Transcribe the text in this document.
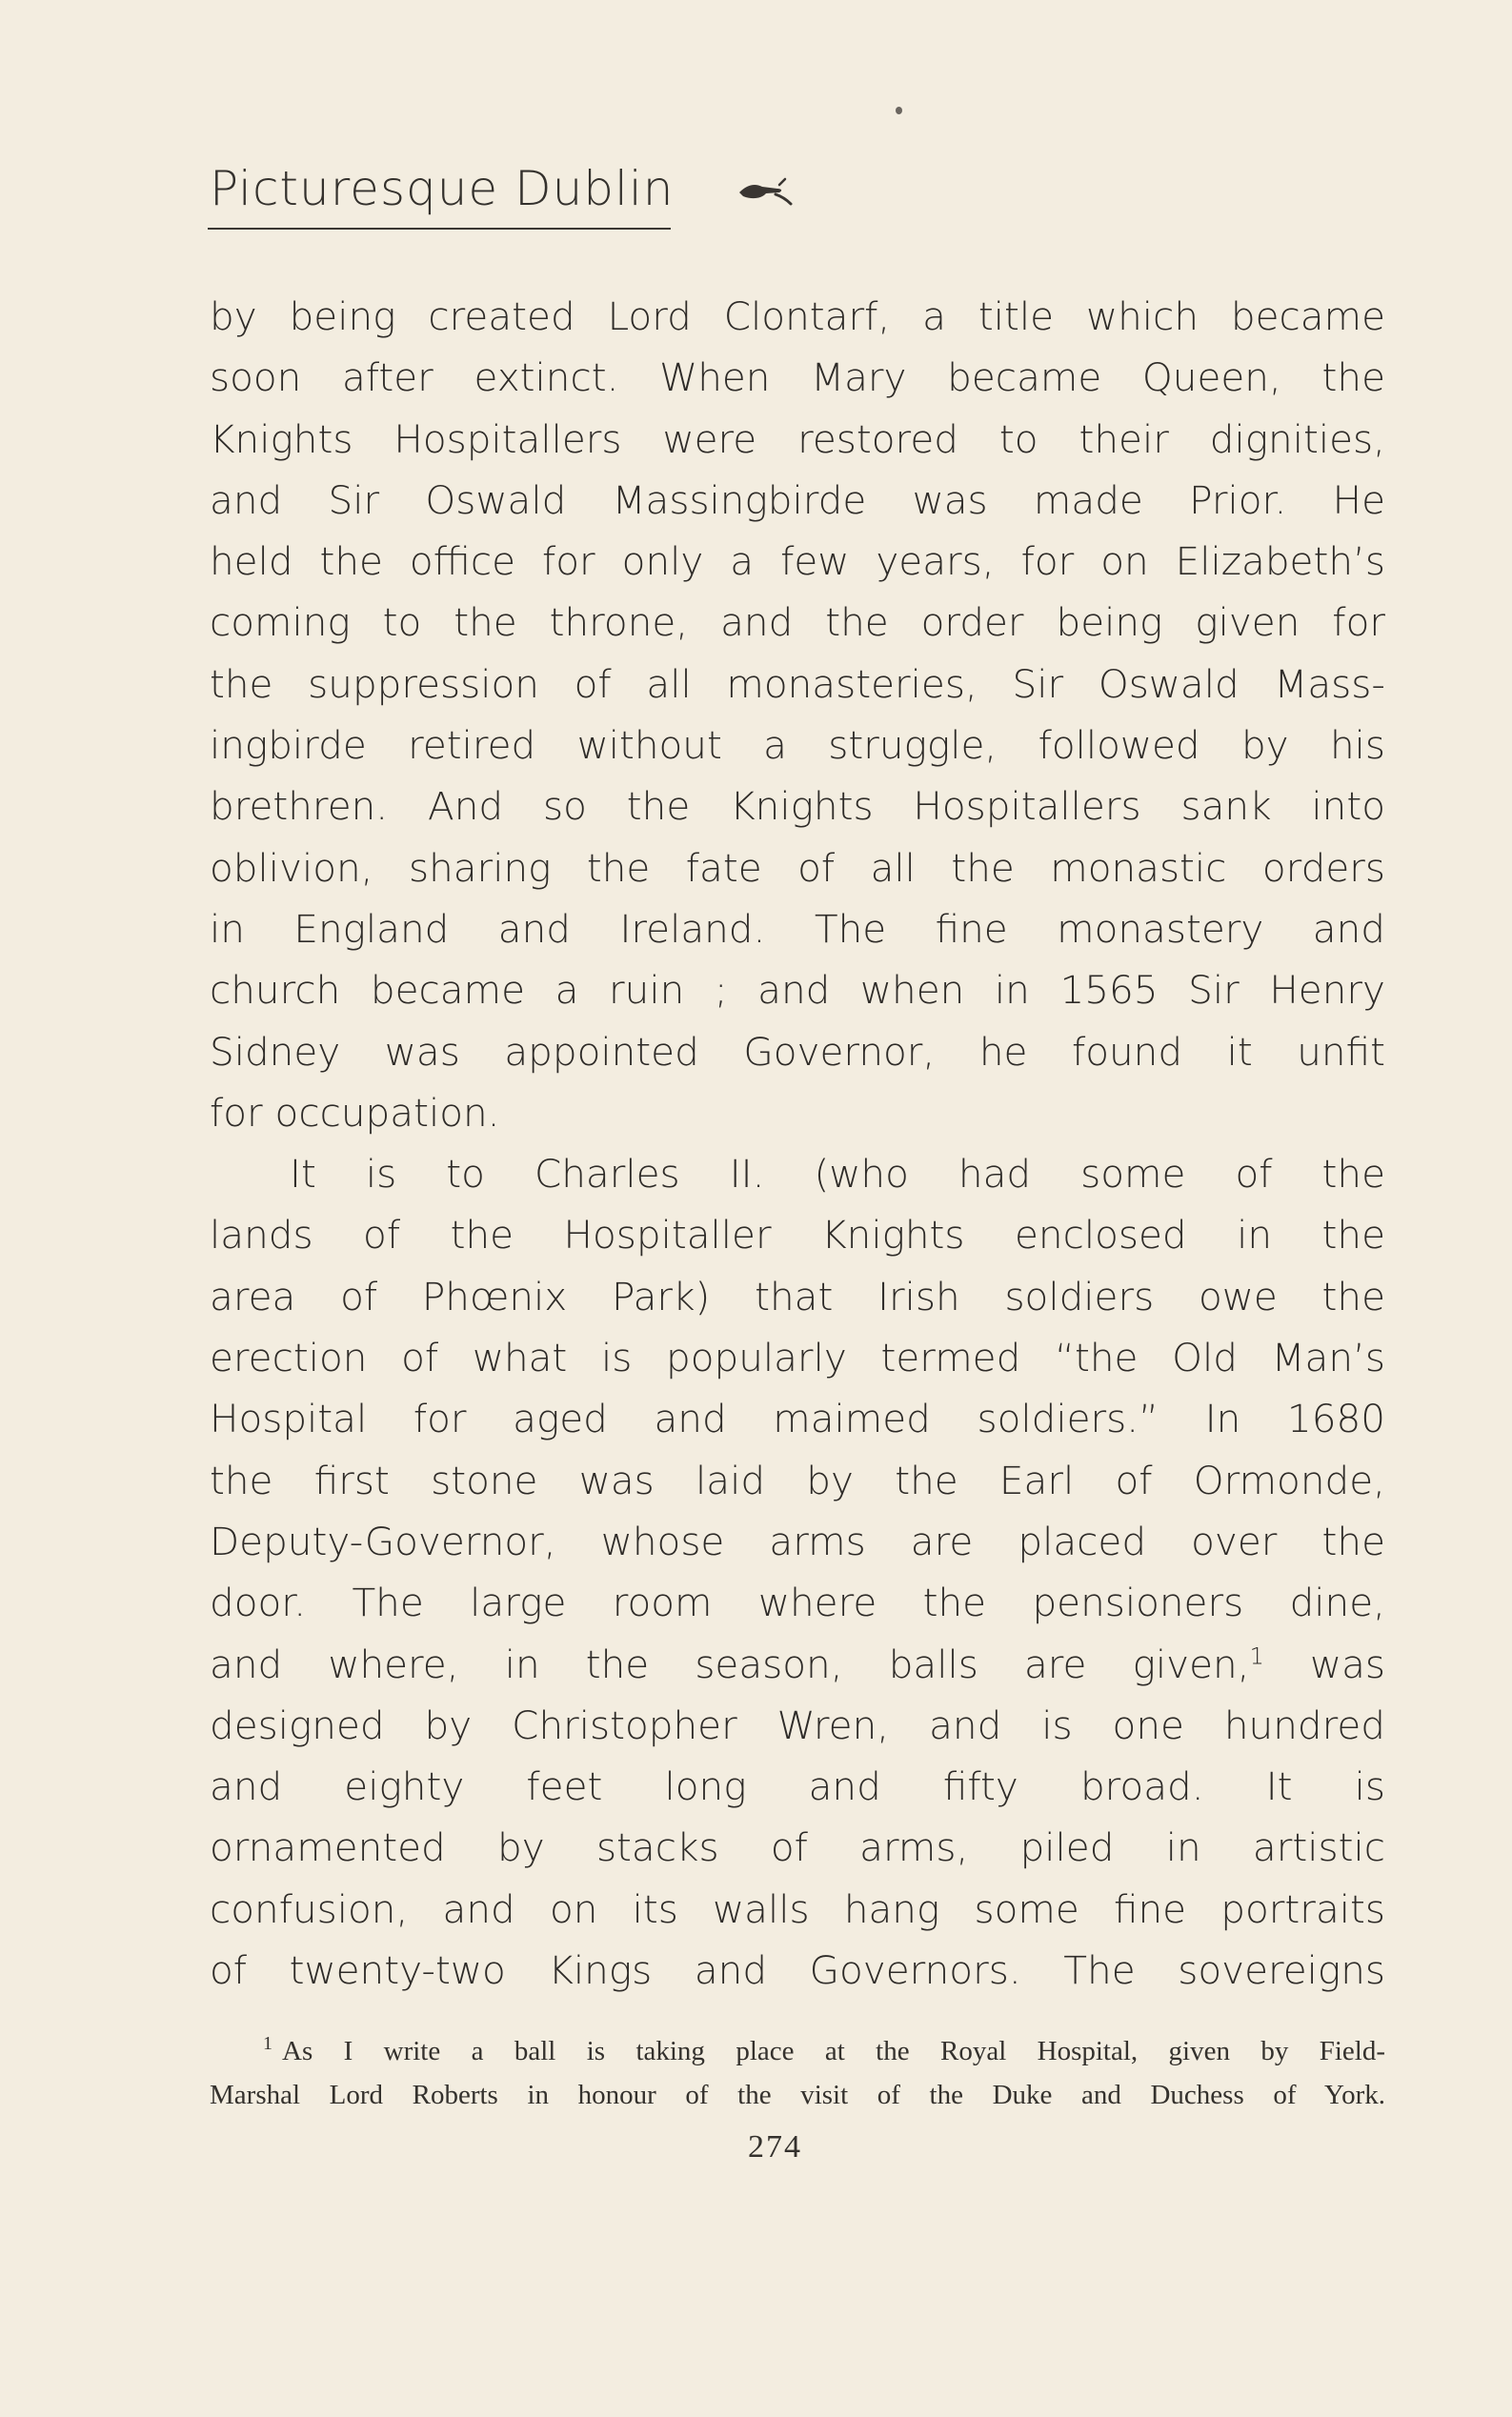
Picturesque Dublin
by being created Lord Clontarf, a title which became
soon after extinct. When Mary became Queen, the
Knights Hospitallers were restored to their dignities,
and Sir Oswald Massingbirde was made Prior. He
held the office for only a few years, for on Elizabeth’s
coming to the throne, and the order being given for
the suppression of all monasteries, Sir Oswald Mass-
ingbirde retired without a struggle, followed by his
brethren. And so the Knights Hospitallers sank into
oblivion, sharing the fate of all the monastic orders
in England and Ireland. The fine monastery and
church became a ruin ; and when in 1565 Sir Henry
Sidney was appointed Governor, he found it unfit
for occupation.
It is to Charles II. (who had some of the
lands of the Hospitaller Knights enclosed in the
area of Phœnix Park) that Irish soldiers owe the
erection of what is popularly termed “the Old Man’s
Hospital for aged and maimed soldiers.” In 1680
the first stone was laid by the Earl of Ormonde,
Deputy-Governor, whose arms are placed over the
door. The large room where the pensioners dine,
and where, in the season, balls are given,$^1$ was
designed by Christopher Wren, and is one hundred
and eighty feet long and fifty broad. It is
ornamented by stacks of arms, piled in artistic
confusion, and on its walls hang some fine portraits
of twenty-two Kings and Governors. The sovereigns
$^1$ As I write a ball is taking place at the Royal Hospital, given by Field-
Marshal Lord Roberts in honour of the visit of the Duke and Duchess of York.
274
